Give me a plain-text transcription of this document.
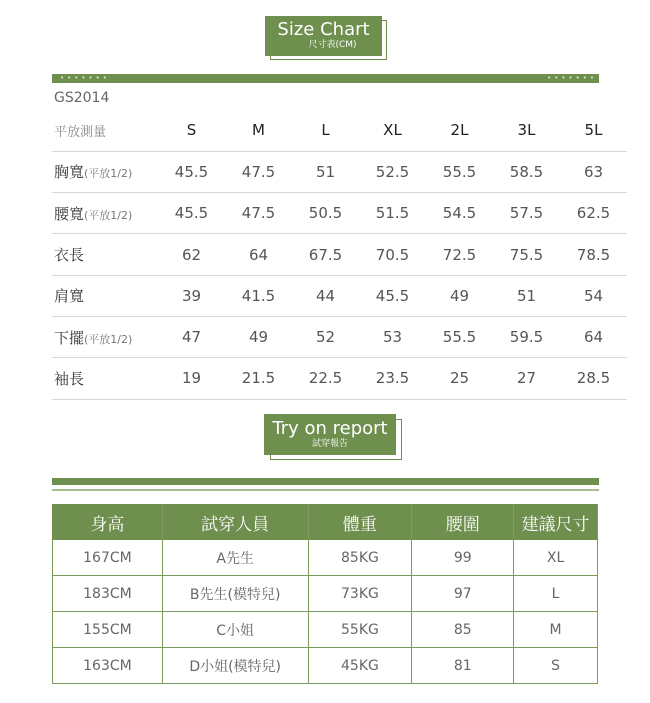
Size Chart
尺寸表(CM)
•••••••	•••••••
GS2014
平放測量	S	M	L	XL	2L	3L	5L
胸寬(平放1/2)	45.5	47.5	51	52.5	55.5	58.5	63
腰寬(平放1/2)	45.5	47.5	50.5	51.5	54.5	57.5	62.5
衣長	62	64	67.5	70.5	72.5	75.5	78.5
肩寬	39	41.5	44	45.5	49	51	54
下擺(平放1/2)	47	49	52	53	55.5	59.5	64
袖長	19	21.5	22.5	23.5	25	27	28.5
Try on report
試穿報告
身高	試穿人員	體重	腰圍	建議尺寸
167CM	A先生	85KG	99	XL
183CM	B先生(模特兒)	73KG	97	L
155CM	C小姐	55KG	85	M
163CM	D小姐(模特兒)	45KG	81	S
